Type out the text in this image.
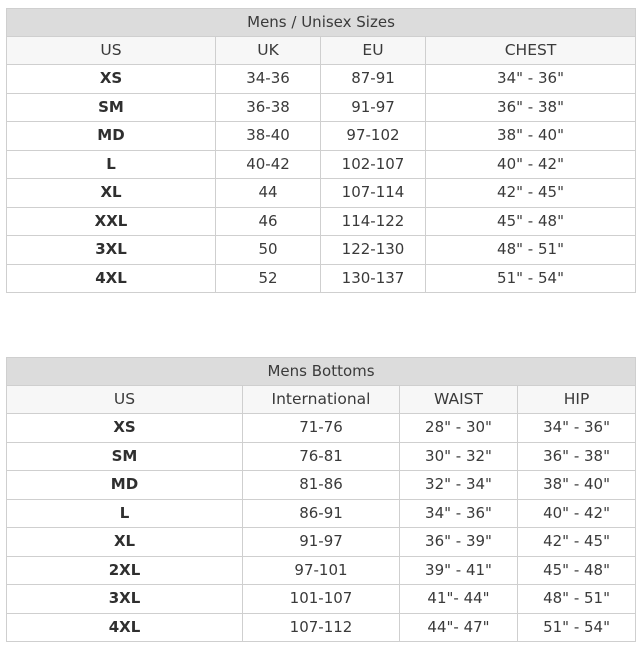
Mens / Unisex Sizes			
US	UK	EU	CHEST
XS	34-36	87-91	34" - 36"
SM	36-38	91-97	36" - 38"
MD	38-40	97-102	38" - 40"
L	40-42	102-107	40" - 42"
XL	44	107-114	42" - 45"
XXL	46	114-122	45" - 48"
3XL	50	122-130	48" - 51"
4XL	52	130-137	51" - 54"
Mens Bottoms			
US	International	WAIST	HIP
XS	71-76	28" - 30"	34" - 36"
SM	76-81	30" - 32"	36" - 38"
MD	81-86	32" - 34"	38" - 40"
L	86-91	34" - 36"	40" - 42"
XL	91-97	36" - 39"	42" - 45"
2XL	97-101	39" - 41"	45" - 48"
3XL	101-107	41"- 44"	48" - 51"
4XL	107-112	44"- 47"	51" - 54"
